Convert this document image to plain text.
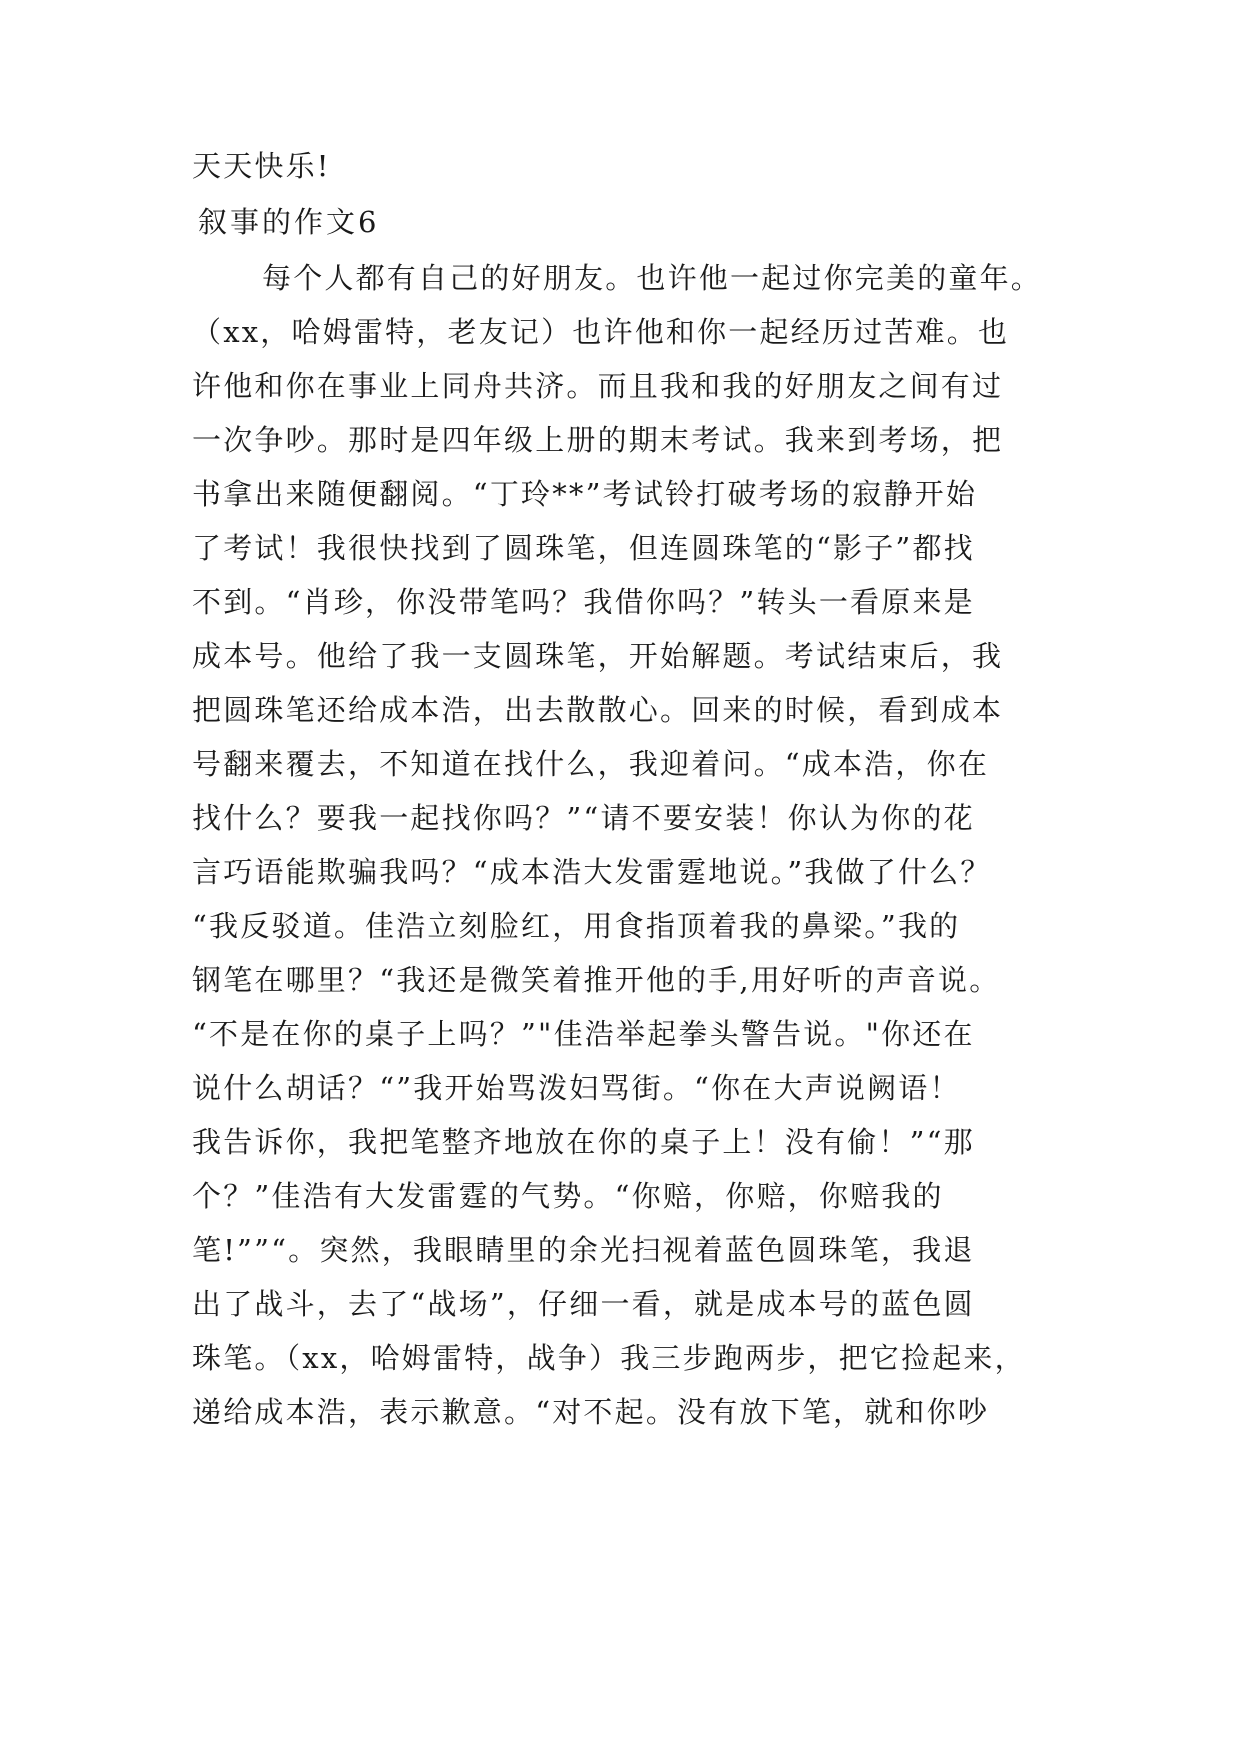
天天快乐!
叙事的作文6
每个人都有自己的好朋友。也许他一起过你完美的童年。
（xx，哈姆雷特，老友记）也许他和你一起经历过苦难。也
许他和你在事业上同舟共济。而且我和我的好朋友之间有过
一次争吵。那时是四年级上册的期末考试。我来到考场，把
书拿出来随便翻阅。“丁玲**”考试铃打破考场的寂静开始
了考试！我很快找到了圆珠笔，但连圆珠笔的“影子”都找
不到。“肖珍，你没带笔吗？我借你吗？”转头一看原来是
成本号。他给了我一支圆珠笔，开始解题。考试结束后，我
把圆珠笔还给成本浩，出去散散心。回来的时候，看到成本
号翻来覆去，不知道在找什么，我迎着问。“成本浩，你在
找什么？要我一起找你吗？”“请不要安装！你认为你的花
言巧语能欺骗我吗？“成本浩大发雷霆地说。”我做了什么？
“我反驳道。佳浩立刻脸红，用食指顶着我的鼻梁。”我的
钢笔在哪里？“我还是微笑着推开他的手,用好听的声音说。
“不是在你的桌子上吗？”"佳浩举起拳头警告说。"你还在
说什么胡话？“”我开始骂泼妇骂街。“你在大声说阙语！
我告诉你，我把笔整齐地放在你的桌子上！没有偷！”“那
个？”佳浩有大发雷霆的气势。“你赔，你赔，你赔我的
笔!””“。突然，我眼睛里的余光扫视着蓝色圆珠笔，我退
出了战斗，去了“战场”，仔细一看，就是成本号的蓝色圆
珠笔。（xx，哈姆雷特，战争）我三步跑两步，把它捡起来，
递给成本浩，表示歉意。“对不起。没有放下笔，就和你吵
